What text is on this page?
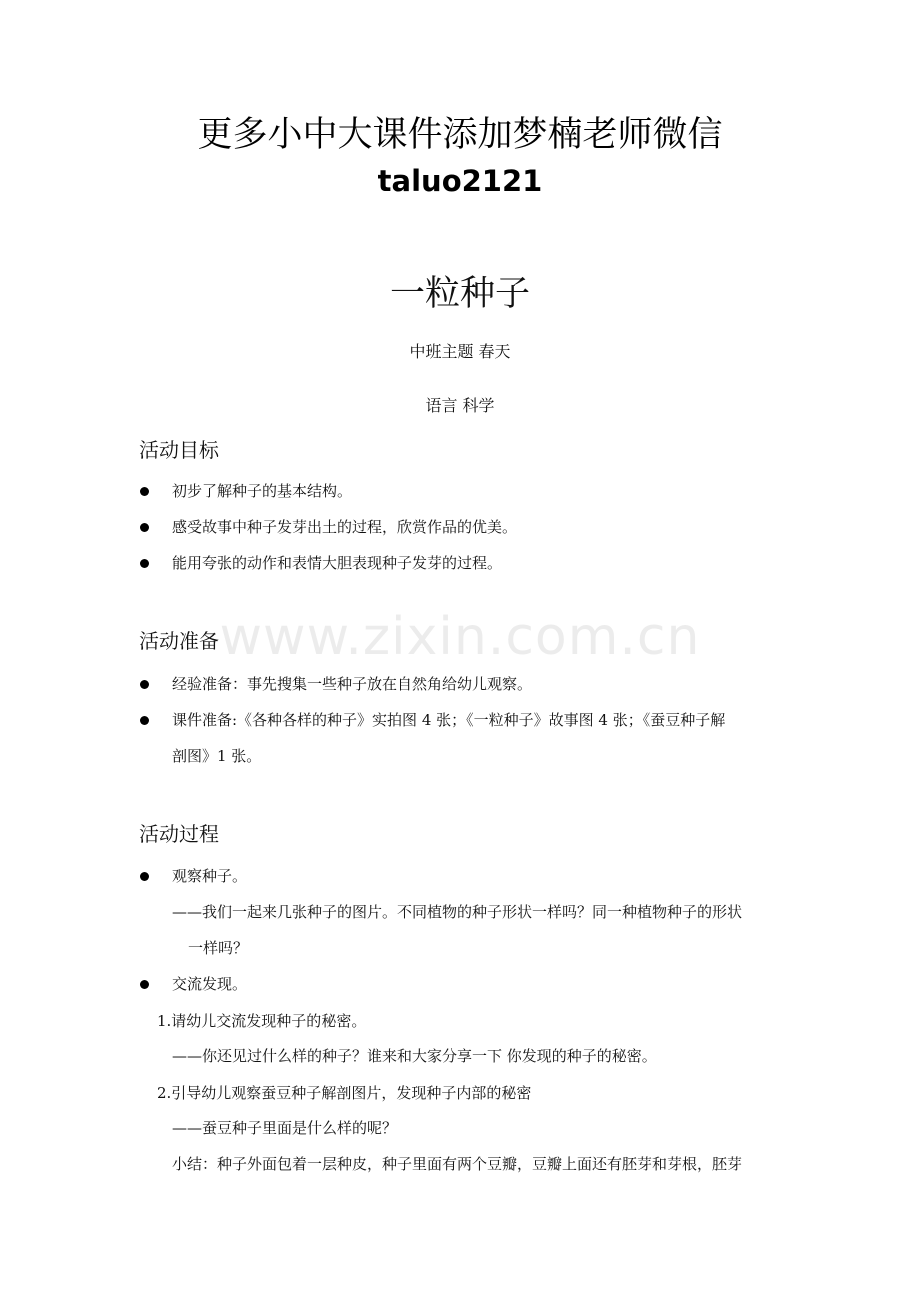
更多小中大课件添加梦楠老师微信
taluo2121
一粒种子
中班主题 春天
语言 科学
活动目标
初步了解种子的基本结构。
感受故事中种子发芽出土的过程，欣赏作品的优美。
能用夸张的动作和表情大胆表现种子发芽的过程。
www.zixin.com.cn
活动准备
经验准备：事先搜集一些种子放在自然角给幼儿观察。
课件准备:《各种各样的种子》实拍图 4 张；《一粒种子》故事图 4 张；《蚕豆种子解
剖图》1 张。
活动过程
观察种子。
——我们一起来几张种子的图片。不同植物的种子形状一样吗？同一种植物种子的形状
一样吗？
交流发现。
1.请幼儿交流发现种子的秘密。
——你还见过什么样的种子？谁来和大家分享一下 你发现的种子的秘密。
2.引导幼儿观察蚕豆种子解剖图片，发现种子内部的秘密
——蚕豆种子里面是什么样的呢？
小结：种子外面包着一层种皮，种子里面有两个豆瓣，豆瓣上面还有胚芽和芽根，胚芽
